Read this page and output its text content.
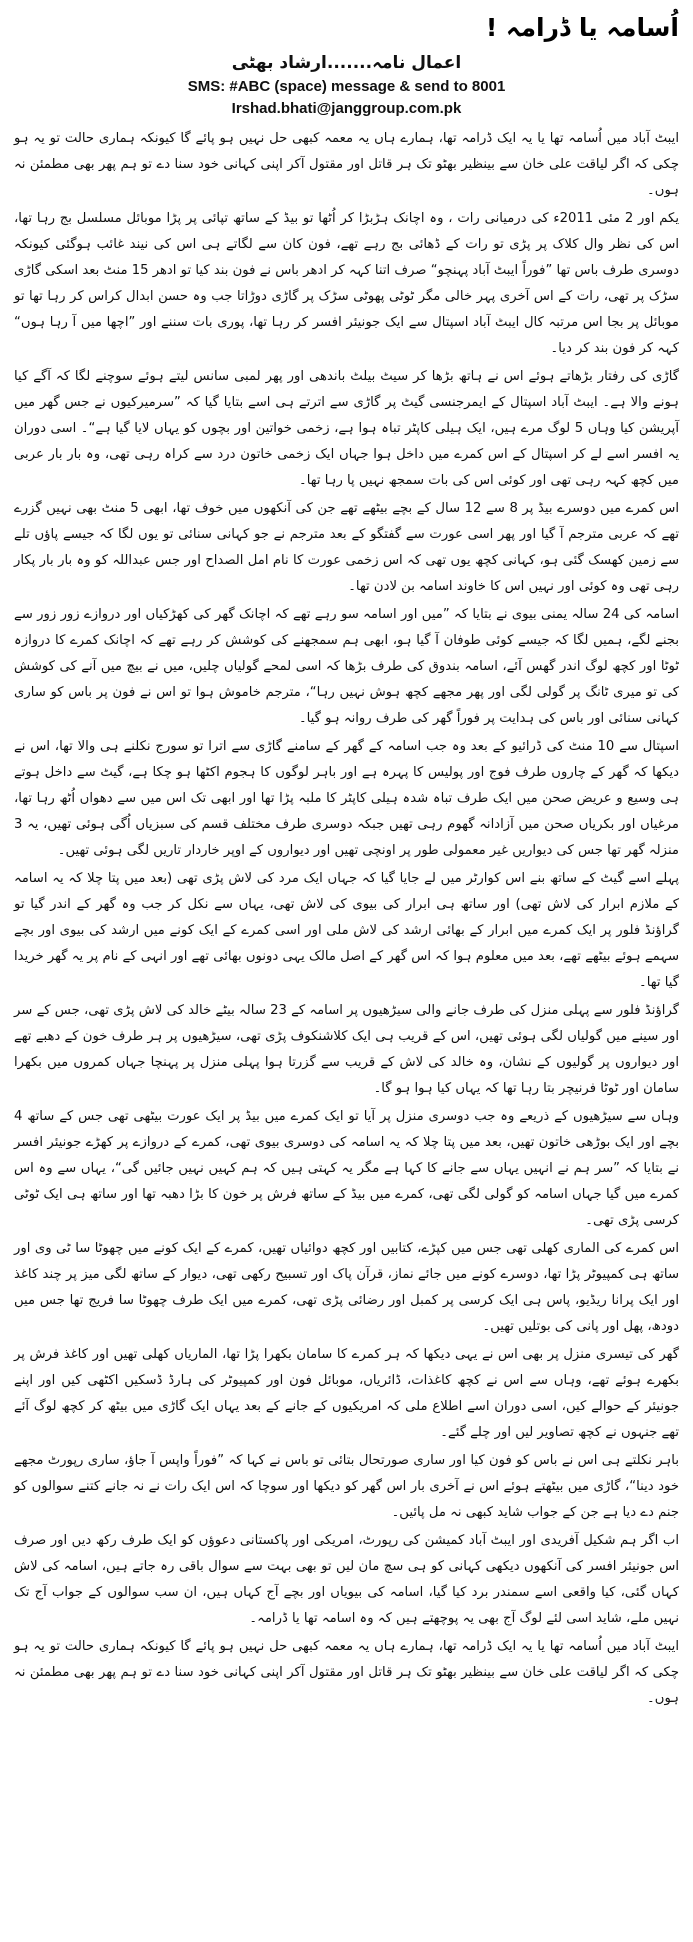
اُسامہ یا ڈرامہ !
اعمال نامہ.......ارشاد بھٹی
SMS: #ABC (space) message & send to 8001
Irshad.bhati@janggroup.com.pk

ایبٹ آباد میں اُسامہ تھا یا یہ ایک ڈرامہ تھا، ہمارے ہاں یہ معمہ کبھی حل نہیں ہو پائے گا کیونکہ ہماری حالت تو یہ ہو چکی کہ اگر لیاقت علی خان سے بینظیر بھٹو تک ہر قاتل اور مقتول آکر اپنی کہانی خود سنا دے تو ہم پھر بھی مطمئن نہ ہوں۔

یکم اور 2 مئی 2011ء کی درمیانی رات ، وہ اچانک ہڑبڑا کر اُٹھا تو بیڈ کے ساتھ تپائی پر پڑا موبائل مسلسل بج رہا تھا، اس کی نظر وال کلاک پر پڑی تو رات کے ڈھائی بج رہے تھے، فون کان سے لگاتے ہی اس کی نیند غائب ہوگئی کیونکہ دوسری طرف باس تھا ”فوراً ایبٹ آباد پہنچو“ صرف اتنا کہہ کر ادھر باس نے فون بند کیا تو ادھر 15 منٹ بعد اسکی گاڑی سڑک پر تھی، رات کے اس آخری پہر خالی مگر ٹوٹی پھوٹی سڑک پر گاڑی دوڑاتا جب وہ حسن ابدال کراس کر رہا تھا تو موبائل پر بجا اس مرتبہ کال ایبٹ آباد اسپتال سے ایک جونیئر افسر کر رہا تھا، پوری بات سننے اور ”اچھا میں آ رہا ہوں“ کہہ کر فون بند کر دیا۔

گاڑی کی رفتار بڑھاتے ہوئے اس نے ہاتھ بڑھا کر سیٹ بیلٹ باندھی اور پھر لمبی سانس لیتے ہوئے سوچنے لگا کہ آگے کیا ہونے والا ہے۔ ایبٹ آباد اسپتال کے ایمرجنسی گیٹ پر گاڑی سے اترتے ہی اسے بتایا گیا کہ ”سرمیرکیوں نے جس گھر میں آپریشن کیا وہاں 5 لوگ مرے ہیں، ایک ہیلی کاپٹر تباہ ہوا ہے، زخمی خواتین اور بچوں کو یہاں لایا گیا ہے“۔ اسی دوران یہ افسر اسے لے کر اسپتال کے اس کمرے میں داخل ہوا جہاں ایک زخمی خاتون درد سے کراہ رہی تھی، وہ بار بار عربی میں کچھ کہہ رہی تھی اور کوئی اس کی بات سمجھ نہیں پا رہا تھا۔

اس کمرے میں دوسرے بیڈ پر 8 سے 12 سال کے بچے بیٹھے تھے جن کی آنکھوں میں خوف تھا، ابھی 5 منٹ بھی نہیں گزرے تھے کہ عربی مترجم آ گیا اور پھر اسی عورت سے گفتگو کے بعد مترجم نے جو کہانی سنائی تو یوں لگا کہ جیسے پاؤں تلے سے زمین کھسک گئی ہو، کہانی کچھ یوں تھی کہ اس زخمی عورت کا نام امل الصداح اور جس عبداللہ کو وہ بار بار پکار رہی تھی وہ کوئی اور نہیں اس کا خاوند اسامہ بن لادن تھا۔

اسامہ کی 24 سالہ یمنی بیوی نے بتایا کہ ”میں اور اسامہ سو رہے تھے کہ اچانک گھر کی کھڑکیاں اور دروازے زور زور سے بجنے لگے، ہمیں لگا کہ جیسے کوئی طوفان آ گیا ہو، ابھی ہم سمجھنے کی کوشش کر رہے تھے کہ اچانک کمرے کا دروازہ ٹوٹا اور کچھ لوگ اندر گھس آئے، اسامہ بندوق کی طرف بڑھا کہ اسی لمحے گولیاں چلیں، میں نے بیچ میں آنے کی کوشش کی تو میری ٹانگ پر گولی لگی اور پھر مجھے کچھ ہوش نہیں رہا“، مترجم خاموش ہوا تو اس نے فون پر باس کو ساری کہانی سنائی اور باس کی ہدایت پر فوراً گھر کی طرف روانہ ہو گیا۔

اسپتال سے 10 منٹ کی ڈرائیو کے بعد وہ جب اسامہ کے گھر کے سامنے گاڑی سے اترا تو سورج نکلنے ہی والا تھا، اس نے دیکھا کہ گھر کے چاروں طرف فوج اور پولیس کا پہرہ ہے اور باہر لوگوں کا ہجوم اکٹھا ہو چکا ہے، گیٹ سے داخل ہوتے ہی وسیع و عریض صحن میں ایک طرف تباہ شدہ ہیلی کاپٹر کا ملبہ پڑا تھا اور ابھی تک اس میں سے دھواں اُٹھ رہا تھا، مرغیاں اور بکریاں صحن میں آزادانہ گھوم رہی تھیں جبکہ دوسری طرف مختلف قسم کی سبزیاں اُگی ہوئی تھیں، یہ 3 منزلہ گھر تھا جس کی دیواریں غیر معمولی طور پر اونچی تھیں اور دیواروں کے اوپر خاردار تاریں لگی ہوئی تھیں۔

پہلے اسے گیٹ کے ساتھ بنے اس کوارٹر میں لے جایا گیا کہ جہاں ایک مرد کی لاش پڑی تھی (بعد میں پتا چلا کہ یہ اسامہ کے ملازم ابرار کی لاش تھی) اور ساتھ ہی ابرار کی بیوی کی لاش تھی، یہاں سے نکل کر جب وہ گھر کے اندر گیا تو گراؤنڈ فلور پر ایک کمرے میں ابرار کے بھائی ارشد کی لاش ملی اور اسی کمرے کے ایک کونے میں ارشد کی بیوی اور بچے سہمے ہوئے بیٹھے تھے، بعد میں معلوم ہوا کہ اس گھر کے اصل مالک یہی دونوں بھائی تھے اور انہی کے نام پر یہ گھر خریدا گیا تھا۔

گراؤنڈ فلور سے پہلی منزل کی طرف جانے والی سیڑھیوں پر اسامہ کے 23 سالہ بیٹے خالد کی لاش پڑی تھی، جس کے سر اور سینے میں گولیاں لگی ہوئی تھیں، اس کے قریب ہی ایک کلاشنکوف پڑی تھی، سیڑھیوں پر ہر طرف خون کے دھبے تھے اور دیواروں پر گولیوں کے نشان، وہ خالد کی لاش کے قریب سے گزرتا ہوا پہلی منزل پر پہنچا جہاں کمروں میں بکھرا سامان اور ٹوٹا فرنیچر بتا رہا تھا کہ یہاں کیا ہوا ہو گا۔

وہاں سے سیڑھیوں کے ذریعے وہ جب دوسری منزل پر آیا تو ایک کمرے میں بیڈ پر ایک عورت بیٹھی تھی جس کے ساتھ 4 بچے اور ایک بوڑھی خاتون تھیں، بعد میں پتا چلا کہ یہ اسامہ کی دوسری بیوی تھی، کمرے کے دروازے پر کھڑے جونیئر افسر نے بتایا کہ ”سر ہم نے انہیں یہاں سے جانے کا کہا ہے مگر یہ کہتی ہیں کہ ہم کہیں نہیں جائیں گی“، یہاں سے وہ اس کمرے میں گیا جہاں اسامہ کو گولی لگی تھی، کمرے میں بیڈ کے ساتھ فرش پر خون کا بڑا دھبہ تھا اور ساتھ ہی ایک ٹوٹی کرسی پڑی تھی۔

اس کمرے کی الماری کھلی تھی جس میں کپڑے، کتابیں اور کچھ دوائیاں تھیں، کمرے کے ایک کونے میں چھوٹا سا ٹی وی اور ساتھ ہی کمپیوٹر پڑا تھا، دوسرے کونے میں جائے نماز، قرآن پاک اور تسبیح رکھی تھی، دیوار کے ساتھ لگی میز پر چند کاغذ اور ایک پرانا ریڈیو، پاس ہی ایک کرسی پر کمبل اور رضائی پڑی تھی، کمرے میں ایک طرف چھوٹا سا فریج تھا جس میں دودھ، پھل اور پانی کی بوتلیں تھیں۔

گھر کی تیسری منزل پر بھی اس نے یہی دیکھا کہ ہر کمرے کا سامان بکھرا پڑا تھا، الماریاں کھلی تھیں اور کاغذ فرش پر بکھرے ہوئے تھے، وہاں سے اس نے کچھ کاغذات، ڈائریاں، موبائل فون اور کمپیوٹر کی ہارڈ ڈسکیں اکٹھی کیں اور اپنے جونیئر کے حوالے کیں، اسی دوران اسے اطلاع ملی کہ امریکیوں کے جانے کے بعد یہاں ایک گاڑی میں بیٹھ کر کچھ لوگ آئے تھے جنہوں نے کچھ تصاویر لیں اور چلے گئے۔

باہر نکلتے ہی اس نے باس کو فون کیا اور ساری صورتحال بتائی تو باس نے کہا کہ ”فوراً واپس آ جاؤ، ساری رپورٹ مجھے خود دینا“، گاڑی میں بیٹھتے ہوئے اس نے آخری بار اس گھر کو دیکھا اور سوچا کہ اس ایک رات نے نہ جانے کتنے سوالوں کو جنم دے دیا ہے جن کے جواب شاید کبھی نہ مل پائیں۔

اب اگر ہم شکیل آفریدی اور ایبٹ آباد کمیشن کی رپورٹ، امریکی اور پاکستانی دعوؤں کو ایک طرف رکھ دیں اور صرف اس جونیئر افسر کی آنکھوں دیکھی کہانی کو ہی سچ مان لیں تو بھی بہت سے سوال باقی رہ جاتے ہیں، اسامہ کی لاش کہاں گئی، کیا واقعی اسے سمندر برد کیا گیا، اسامہ کی بیویاں اور بچے آج کہاں ہیں، ان سب سوالوں کے جواب آج تک نہیں ملے، شاید اسی لئے لوگ آج بھی یہ پوچھتے ہیں کہ وہ اسامہ تھا یا ڈرامہ۔

ایبٹ آباد میں اُسامہ تھا یا یہ ایک ڈرامہ تھا، ہمارے ہاں یہ معمہ کبھی حل نہیں ہو پائے گا کیونکہ ہماری حالت تو یہ ہو چکی کہ اگر لیاقت علی خان سے بینظیر بھٹو تک ہر قاتل اور مقتول آکر اپنی کہانی خود سنا دے تو ہم پھر بھی مطمئن نہ ہوں۔
